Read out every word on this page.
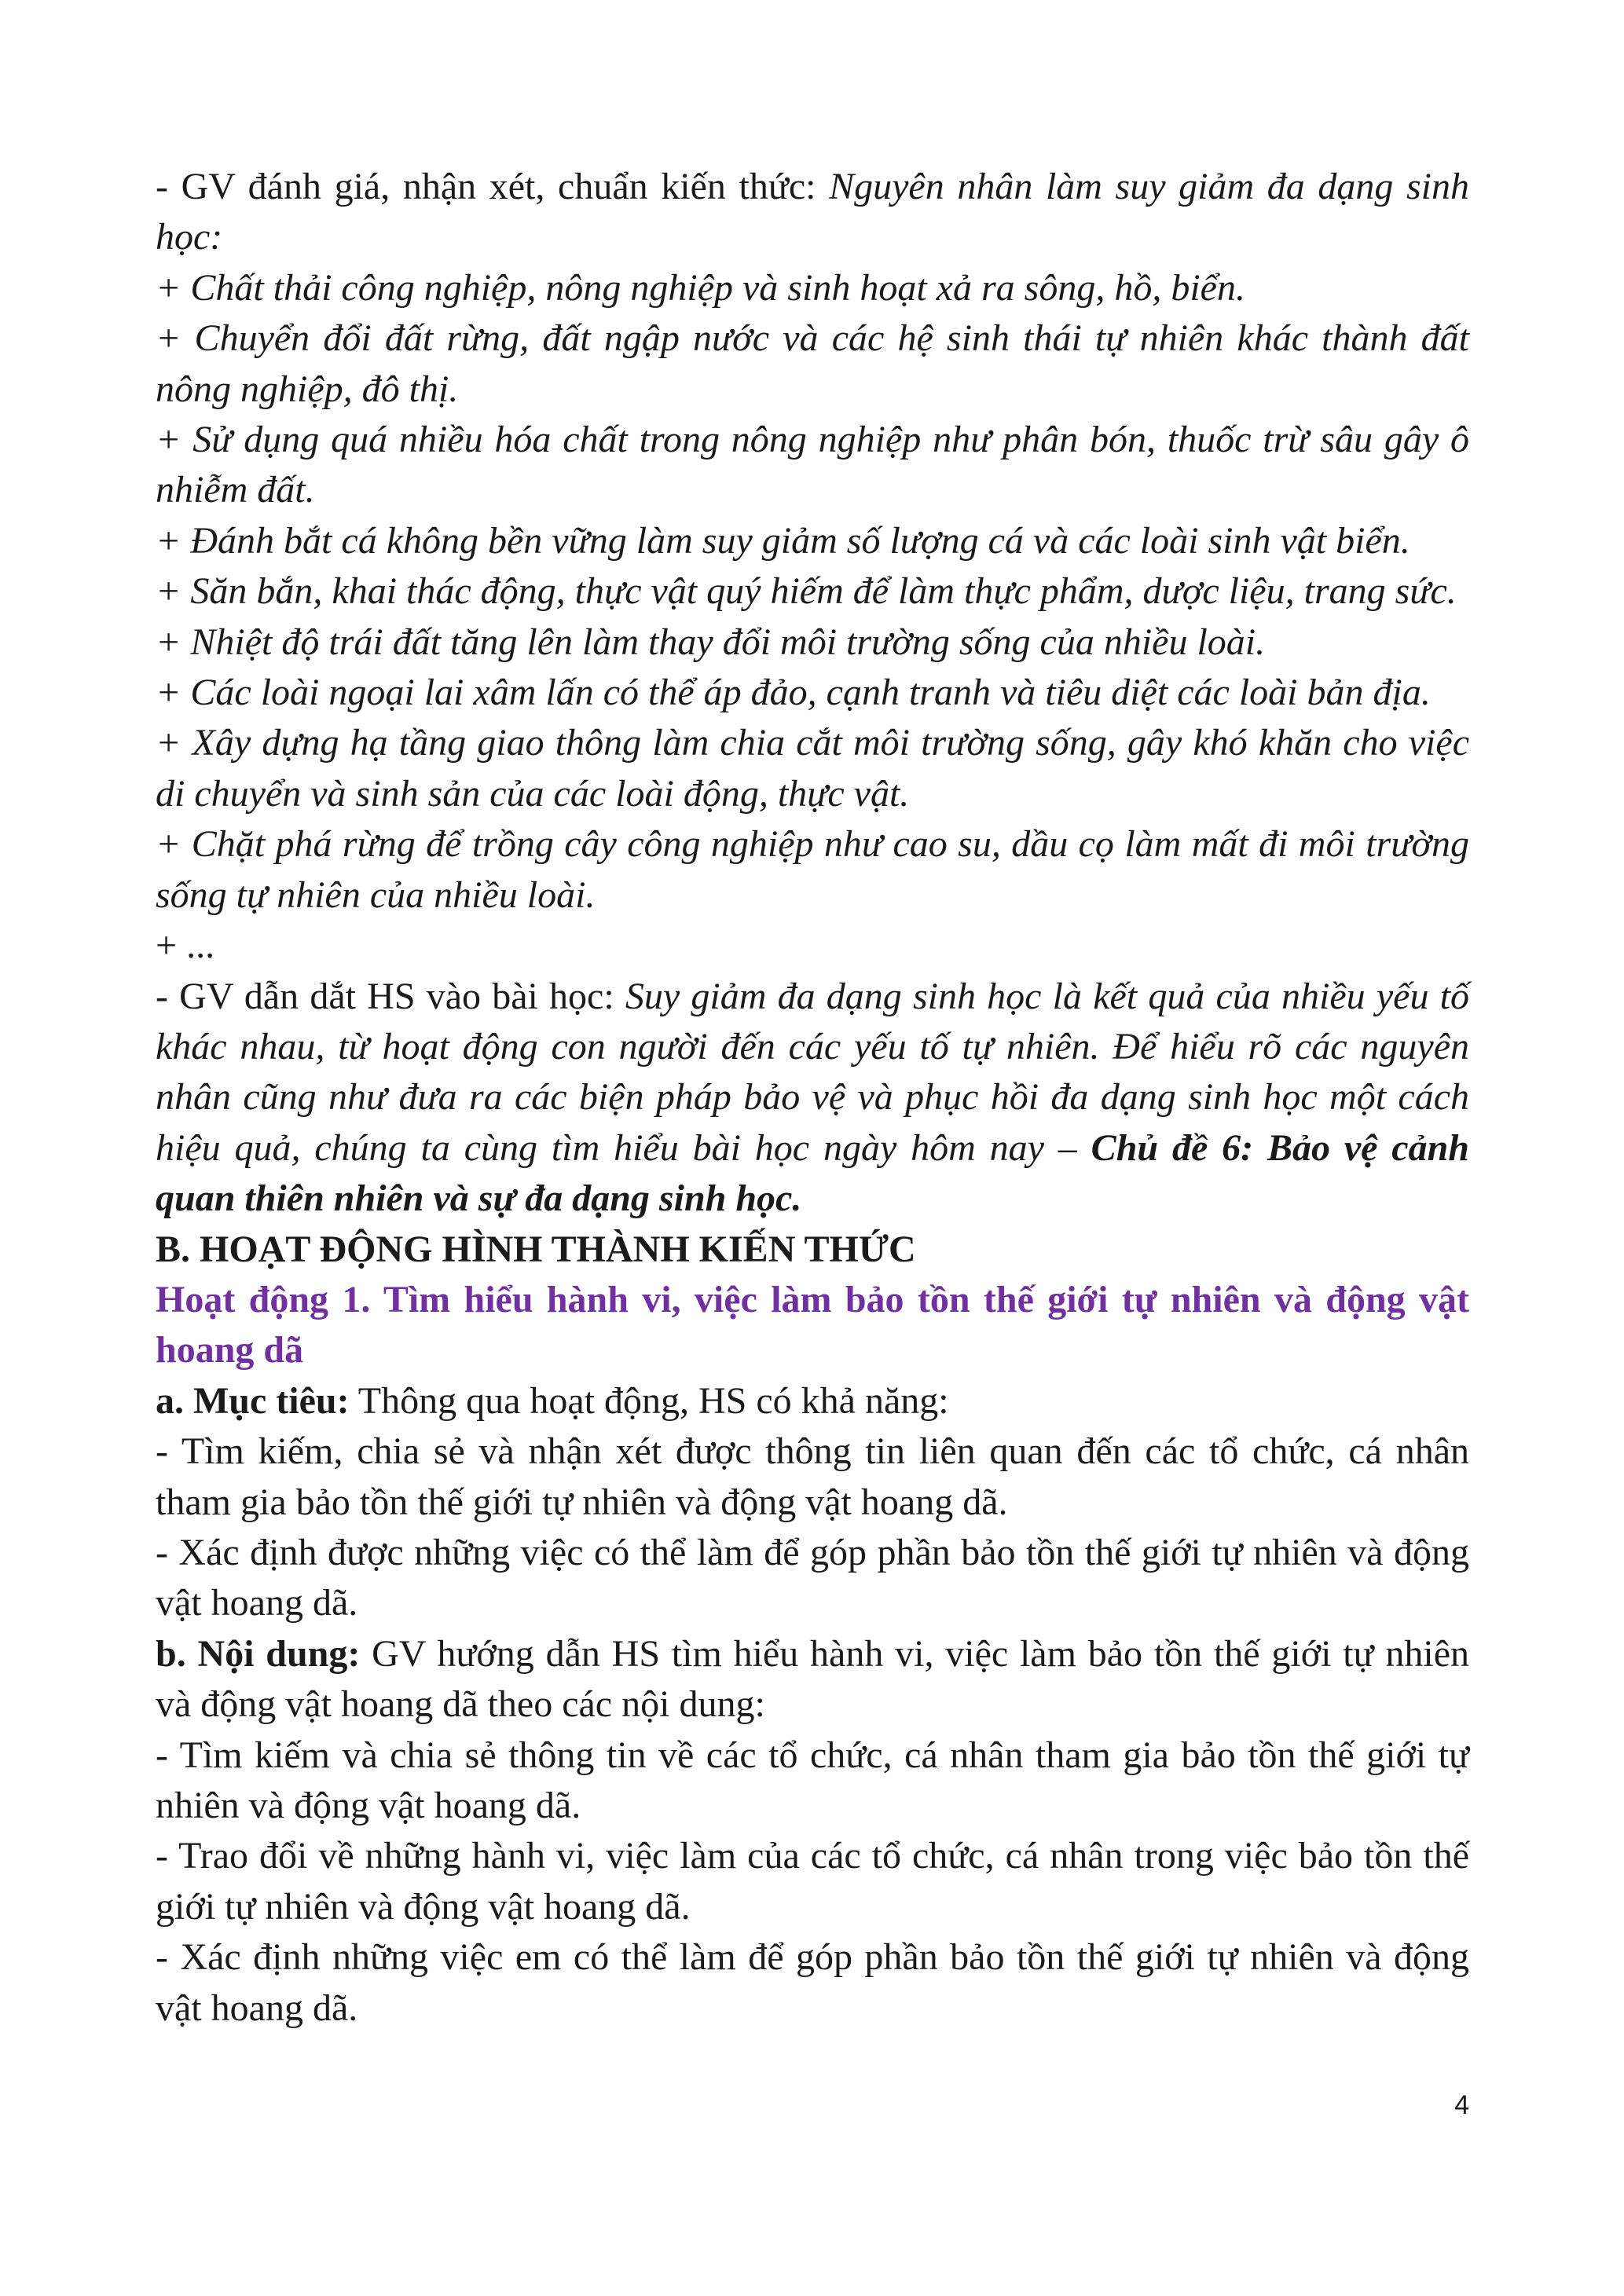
- GV đánh giá, nhận xét, chuẩn kiến thức: Nguyên nhân làm suy giảm đa dạng sinh học:

+ Chất thải công nghiệp, nông nghiệp và sinh hoạt xả ra sông, hồ, biển.

+ Chuyển đổi đất rừng, đất ngập nước và các hệ sinh thái tự nhiên khác thành đất nông nghiệp, đô thị.

+ Sử dụng quá nhiều hóa chất trong nông nghiệp như phân bón, thuốc trừ sâu gây ô nhiễm đất.

+ Đánh bắt cá không bền vững làm suy giảm số lượng cá và các loài sinh vật biển.

+ Săn bắn, khai thác động, thực vật quý hiếm để làm thực phẩm, dược liệu, trang sức.

+ Nhiệt độ trái đất tăng lên làm thay đổi môi trường sống của nhiều loài.

+ Các loài ngoại lai xâm lấn có thể áp đảo, cạnh tranh và tiêu diệt các loài bản địa.

+ Xây dựng hạ tầng giao thông làm chia cắt môi trường sống, gây khó khăn cho việc di chuyển và sinh sản của các loài động, thực vật.

+ Chặt phá rừng để trồng cây công nghiệp như cao su, dầu cọ làm mất đi môi trường sống tự nhiên của nhiều loài.

+ ...

- GV dẫn dắt HS vào bài học: Suy giảm đa dạng sinh học là kết quả của nhiều yếu tố khác nhau, từ hoạt động con người đến các yếu tố tự nhiên. Để hiểu rõ các nguyên nhân cũng như đưa ra các biện pháp bảo vệ và phục hồi đa dạng sinh học một cách hiệu quả, chúng ta cùng tìm hiểu bài học ngày hôm nay – Chủ đề 6: Bảo vệ cảnh quan thiên nhiên và sự đa dạng sinh học.

B. HOẠT ĐỘNG HÌNH THÀNH KIẾN THỨC

Hoạt động 1. Tìm hiểu hành vi, việc làm bảo tồn thế giới tự nhiên và động vật hoang dã

a. Mục tiêu: Thông qua hoạt động, HS có khả năng:

- Tìm kiếm, chia sẻ và nhận xét được thông tin liên quan đến các tổ chức, cá nhân tham gia bảo tồn thế giới tự nhiên và động vật hoang dã.

- Xác định được những việc có thể làm để góp phần bảo tồn thế giới tự nhiên và động vật hoang dã.

b. Nội dung: GV hướng dẫn HS tìm hiểu hành vi, việc làm bảo tồn thế giới tự nhiên và động vật hoang dã theo các nội dung:

- Tìm kiếm và chia sẻ thông tin về các tổ chức, cá nhân tham gia bảo tồn thế giới tự nhiên và động vật hoang dã.

- Trao đổi về những hành vi, việc làm của các tổ chức, cá nhân trong việc bảo tồn thế giới tự nhiên và động vật hoang dã.

- Xác định những việc em có thể làm để góp phần bảo tồn thế giới tự nhiên và động vật hoang dã.

4
